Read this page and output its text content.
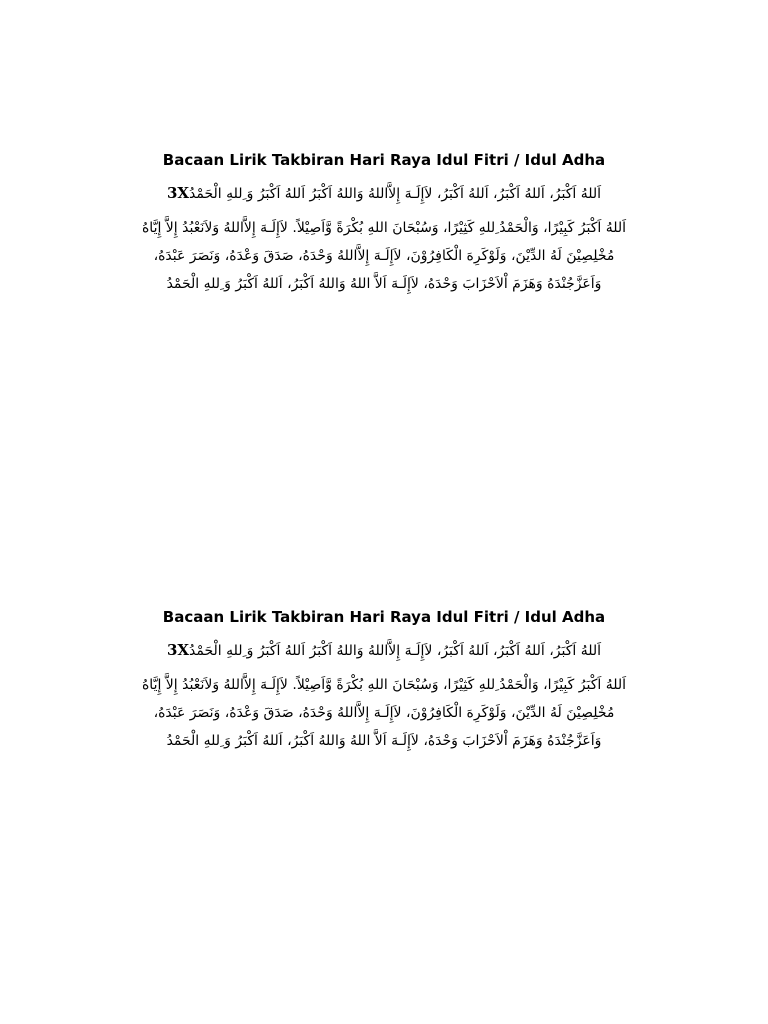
Bacaan Lirik Takbiran Hari Raya Idul Fitri / Idul Adha

اَللهُ اَكْبَرُ، اَللهُ اَكْبَرُ، اَللهُ اَكْبَرُ، لاَإِلَـهَ إِلاَّاللهُ وَاللهُ اَكْبَرُ اَللهُ اَكْبَرُ وَ ِللهِ الْحَمْدُ3X

اَللهُ اَكْبَرُ كَبِيْرًا، وَالْحَمْدُ ِللهِ كَثِيْرًا، وَسُبْحَانَ اللهِ بُكْرَةً وَّاَصِيْلاً. لاَإِلَـهَ إِلاَّاللهُ وَلاَنَعْبُدُ إِلاَّ إِيَّاهُ

مُخْلِصِيْنَ لَهُ الدِّيْنَ، وَلَوْكَرِهَ الْكَافِرُوْنَ، لاَإِلَـهَ إِلاَّاللهُ وَحْدَهُ، صَدَقَ وَعْدَهُ، وَنَصَرَ عَبْدَهُ،

وَاَعَزَّجُنْدَهُ وَهَزَمَ اْلاَحْزَابَ وَحْدَهُ، لاَإِلَـهَ اَلاَّ اللهُ وَاللهُ اَكْبَرُ، اَللهُ اَكْبَرُ وَ ِللهِ الْحَمْدُ

Bacaan Lirik Takbiran Hari Raya Idul Fitri / Idul Adha

اَللهُ اَكْبَرُ، اَللهُ اَكْبَرُ، اَللهُ اَكْبَرُ، لاَإِلَـهَ إِلاَّاللهُ وَاللهُ اَكْبَرُ اَللهُ اَكْبَرُ وَ ِللهِ الْحَمْدُ3X

اَللهُ اَكْبَرُ كَبِيْرًا، وَالْحَمْدُ ِللهِ كَثِيْرًا، وَسُبْحَانَ اللهِ بُكْرَةً وَّاَصِيْلاً. لاَإِلَـهَ إِلاَّاللهُ وَلاَنَعْبُدُ إِلاَّ إِيَّاهُ

مُخْلِصِيْنَ لَهُ الدِّيْنَ، وَلَوْكَرِهَ الْكَافِرُوْنَ، لاَإِلَـهَ إِلاَّاللهُ وَحْدَهُ، صَدَقَ وَعْدَهُ، وَنَصَرَ عَبْدَهُ،

وَاَعَزَّجُنْدَهُ وَهَزَمَ اْلاَحْزَابَ وَحْدَهُ، لاَإِلَـهَ اَلاَّ اللهُ وَاللهُ اَكْبَرُ، اَللهُ اَكْبَرُ وَ ِللهِ الْحَمْدُ
